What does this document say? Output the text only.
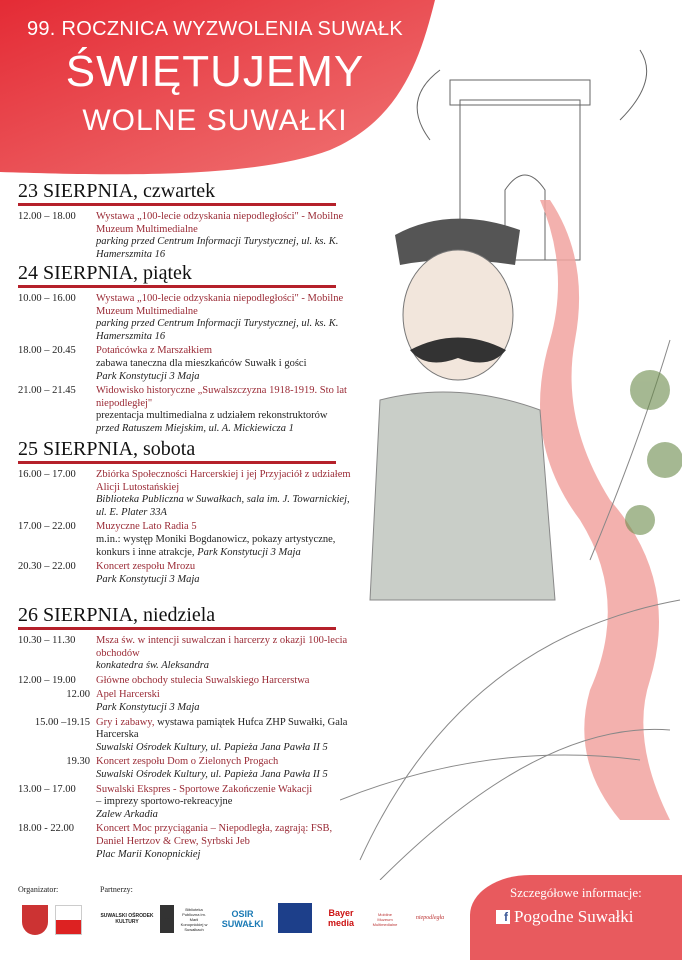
99. ROCZNICA WYZWOLENIA SUWAŁK
ŚWIĘTUJEMY
WOLNE SUWAŁKI
23 SIERPNIA, czwartek
12.00 – 18.00	Wystawa „100-lecie odzyskania niepodległości" - Mobilne Muzeum Multimedialne
parking przed Centrum Informacji Turystycznej, ul. ks. K. Hamerszmita 16
24 SIERPNIA, piątek
10.00 – 16.00	Wystawa „100-lecie odzyskania niepodległości" - Mobilne Muzeum Multimedialne
parking przed Centrum Informacji Turystycznej, ul. ks. K. Hamerszmita 16
18.00 – 20.45	Potańcówka z Marszałkiem
zabawa taneczna dla mieszkańców Suwałk i gości
Park Konstytucji 3 Maja
21.00 – 21.45	Widowisko historyczne „Suwalszczyzna 1918-1919. Sto lat niepodległej"
prezentacja multimedialna z udziałem rekonstruktorów
przed Ratuszem Miejskim, ul. A. Mickiewicza 1
25 SIERPNIA, sobota
16.00 – 17.00	Zbiórka Społeczności Harcerskiej i jej Przyjaciół z udziałem Alicji Lutostańskiej
Biblioteka Publiczna w Suwałkach, sala im. J. Towarnickiej, ul. E. Plater 33A
17.00 – 22.00	Muzyczne Lato Radia 5
m.in.: występ Moniki Bogdanowicz, pokazy artystyczne, konkurs i inne atrakcje, Park Konstytucji 3 Maja
20.30 – 22.00	Koncert zespołu Mrozu
Park Konstytucji 3 Maja
26 SIERPNIA, niedziela
10.30 – 11.30	Msza św. w intencji suwalczan i harcerzy z okazji 100-lecia obchodów
konkatedra św. Aleksandra
12.00 – 19.00	Główne obchody stulecia Suwalskiego Harcerstwa
12.00 Apel Harcerski
Park Konstytucji 3 Maja
15.00 –19.15 Gry i zabawy, wystawa pamiątek Hufca ZHP Suwałki, Gala Harcerska
Suwalski Ośrodek Kultury, ul. Papieża Jana Pawła II 5
19.30 Koncert zespołu Dom o Zielonych Progach
Suwalski Ośrodek Kultury, ul. Papieża Jana Pawła II 5
13.00 – 17.00	Suwalski Ekspres - Sportowe Zakończenie Wakacji
– imprezy sportowo-rekreacyjne
Zalew Arkadia
18.00 - 22.00	Koncert Moc przyciągania – Niepodległa, zagrają: FSB, Daniel Hertzov & Crew, Syrbski Jeb
Plac Marii Konopnickiej
Organizator:	Partnerzy:
SUWALSKI OŚRODEK KULTURY	Muzeum
Biblioteka Publiczna im. Marii Konopnickiej w Suwałkach
OSIR SUWAŁKI
Bayer media
Mobilne Muzeum Multimedialne
niepodległa
Szczegółowe informacje:
f Pogodne Suwałki
